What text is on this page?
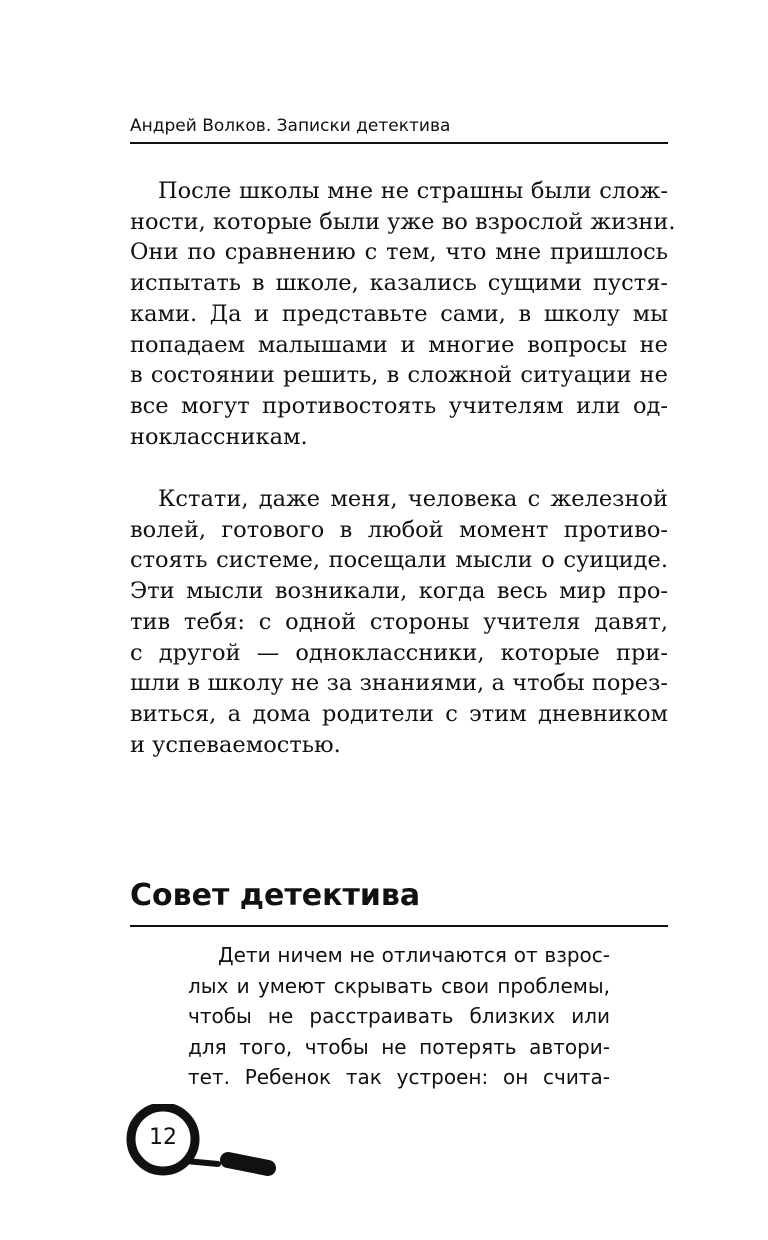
Андрей Волков. Записки детектива
После школы мне не страшны были слож-
ности, которые были уже во взрослой жизни.
Они по сравнению с тем, что мне пришлось
испытать в школе, казались сущими пустя-
ками. Да и представьте сами, в школу мы
попадаем малышами и многие вопросы не
в состоянии решить, в сложной ситуации не
все могут противостоять учителям или од-
ноклассникам.
Кстати, даже меня, человека с железной
волей, готового в любой момент противо-
стоять системе, посещали мысли о суициде.
Эти мысли возникали, когда весь мир про-
тив тебя: с одной стороны учителя давят,
с другой — одноклассники, которые при-
шли в школу не за знаниями, а чтобы порез-
виться, а дома родители с этим дневником
и успеваемостью.
Совет детектива
Дети ничем не отличаются от взрос-
лых и умеют скрывать свои проблемы,
чтобы не расстраивать близких или
для того, чтобы не потерять автори-
тет. Ребенок так устроен: он счита-
12
